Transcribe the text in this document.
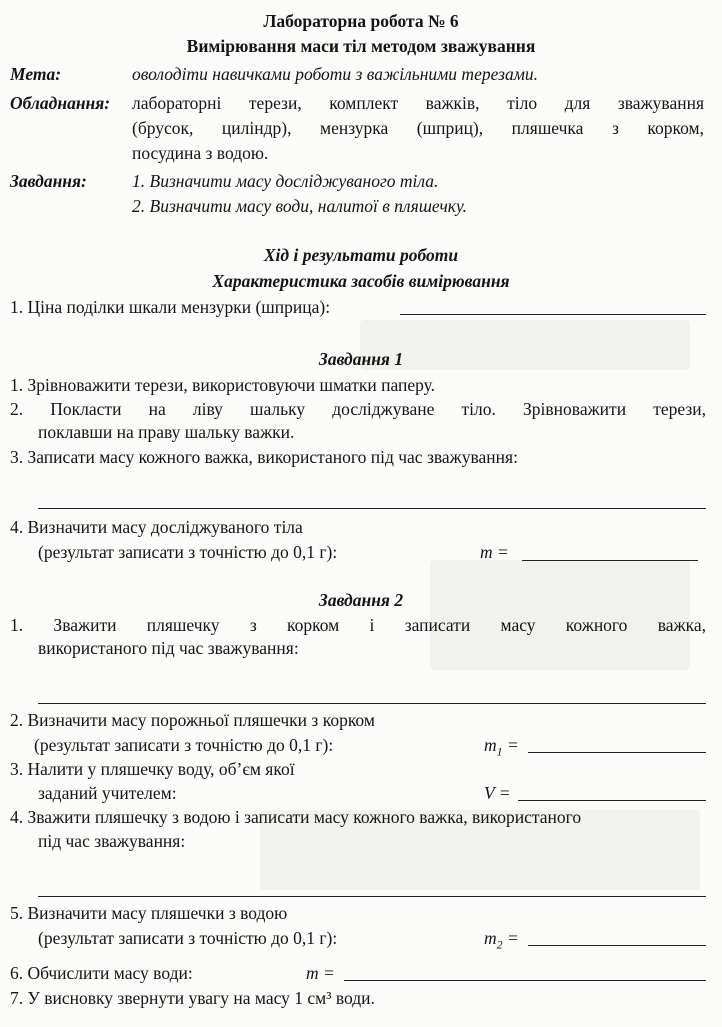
Лабораторна робота № 6
Вимірювання маси тіл методом зважування
Мета:	оволодіти навичками роботи з важільними терезами.
Обладнання: лабораторні терези, комплект важків, тіло для зважування
(брусок, циліндр), мензурка (шприц), пляшечка з корком,
посудина з водою.
Завдання:	1. Визначити масу досліджуваного тіла.
2. Визначити масу води, налитої в пляшечку.
Хід і результати роботи
Характеристика засобів вимірювання
1. Ціна поділки шкали мензурки (шприца):
Завдання 1
1. Зрівноважити терези, використовуючи шматки паперу.
2. Покласти на ліву шальку досліджуване тіло. Зрівноважити терези,
поклавши на праву шальку важки.
3. Записати масу кожного важка, використаного під час зважування:
4. Визначити масу досліджуваного тіла
(результат записати з точністю до 0,1 г):	m =
Завдання 2
1. Зважити пляшечку з корком і записати масу кожного важка,
використаного під час зважування:
2. Визначити масу порожньої пляшечки з корком
(результат записати з точністю до 0,1 г):	$m_1$ =
3. Налити у пляшечку воду, об’єм якої
заданий учителем:	V =
4. Зважити пляшечку з водою і записати масу кожного важка, використаного
під час зважування:
5. Визначити масу пляшечки з водою
(результат записати з точністю до 0,1 г):	$m_2$ =
6. Обчислити масу води:	m =
7. У висновку звернути увагу на масу 1 см³ води.
